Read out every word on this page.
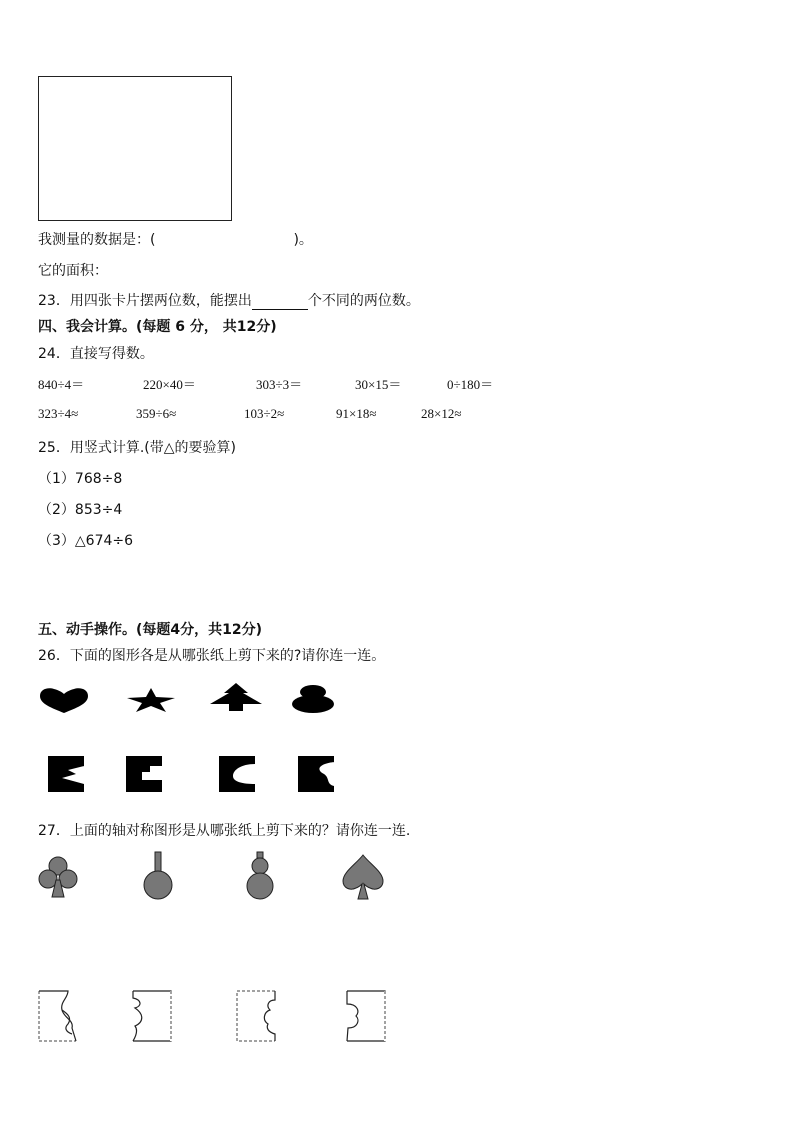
我测量的数据是：(	)。
它的面积：
23．用四张卡片摆两位数，能摆出	个不同的两位数。
四、我会计算。(每题 6 分， 共12分)
24．直接写得数。
840÷4＝	220×40＝	303÷3＝	30×15＝	0÷180＝
323÷4≈	359÷6≈	103÷2≈	91×18≈	28×12≈
25．用竖式计算.(带△的要验算)
（1）768÷8
（2）853÷4
（3）△674÷6
五、动手操作。(每题4分，共12分)
26．下面的图形各是从哪张纸上剪下来的?请你连一连。
27．上面的轴对称图形是从哪张纸上剪下来的？请你连一连.
